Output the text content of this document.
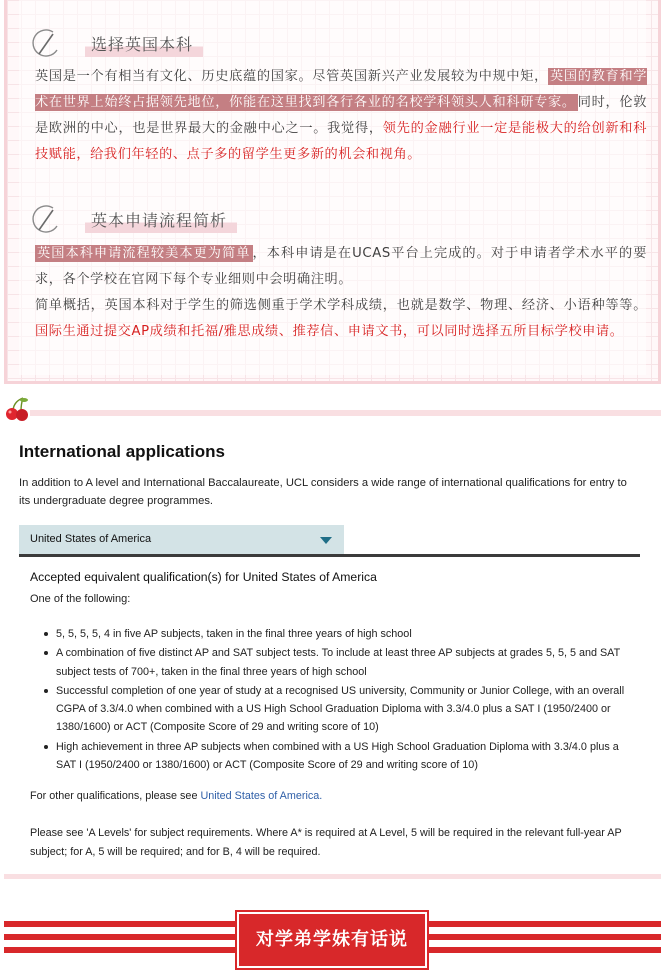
选择英国本科
英国是一个有相当有文化、历史底蕴的国家。尽管英国新兴产业发展较为中规中矩， 英国的教育和学术在世界上始终占据领先地位，你能在这里找到各行各业的名校学科领头人和科研专家。 同时，伦敦是欧洲的中心，也是世界最大的金融中心之一。我觉得，领先的金融行业一定是能极大的给创新和科技赋能，给我们年轻的、点子多的留学生更多新的机会和视角。
英本申请流程简析
英国本科申请流程较美本更为简单 ，本科申请是在UCAS平台上完成的。对于申请者学术水平的要求，各个学校在官网下每个专业细则中会明确注明。
简单概括，英国本科对于学生的筛选侧重于学术学科成绩，也就是数学、物理、经济、小语种等等。国际生通过提交AP成绩和托福/雅思成绩、推荐信、申请文书，可以同时选择五所目标学校申请。
International applications
In addition to A level and International Baccalaureate, UCL considers a wide range of international qualifications for entry to its undergraduate degree programmes.
United States of America
Accepted equivalent qualification(s) for United States of America
One of the following:
5, 5, 5, 5, 4 in five AP subjects, taken in the final three years of high school
A combination of five distinct AP and SAT subject tests. To include at least three AP subjects at grades 5, 5, 5 and SAT subject tests of 700+, taken in the final three years of high school
Successful completion of one year of study at a recognised US university, Community or Junior College, with an overall CGPA of 3.3/4.0 when combined with a US High School Graduation Diploma with 3.3/4.0 plus a SAT I (1950/2400 or 1380/1600) or ACT (Composite Score of 29 and writing score of 10)
High achievement in three AP subjects when combined with a US High School Graduation Diploma with 3.3/4.0 plus a SAT I (1950/2400 or 1380/1600) or ACT (Composite Score of 29 and writing score of 10)
For other qualifications, please see United States of America.
Please see 'A Levels' for subject requirements. Where A* is required at A Level, 5 will be required in the relevant full-year AP subject; for A, 5 will be required; and for B, 4 will be required.
对学弟学妹有话说
